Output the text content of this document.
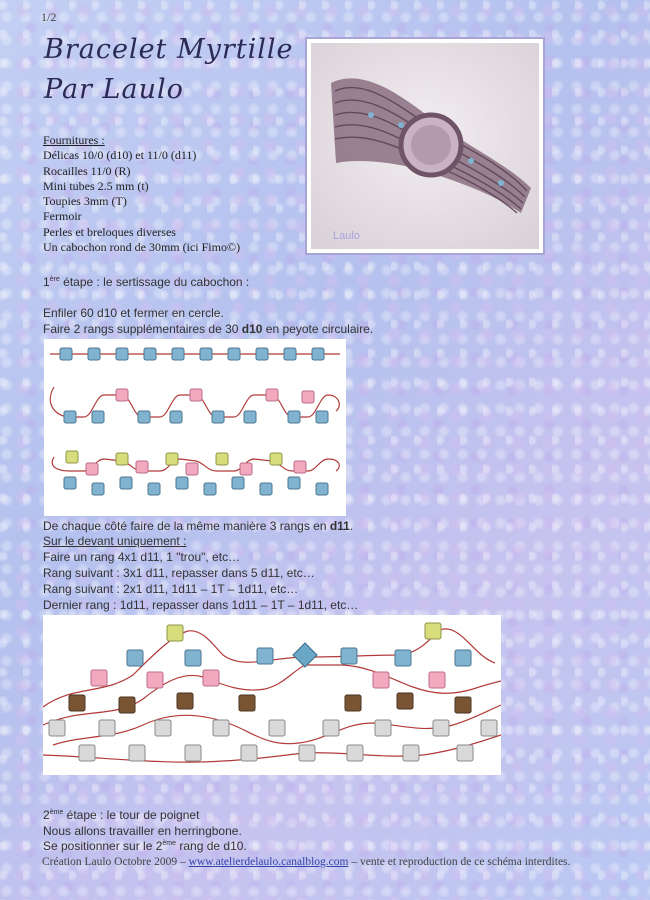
1/2
Bracelet Myrtille
Par Laulo
Laulo
Fournitures :
Délicas 10/0 (d10) et 11/0 (d11)
Rocailles 11/0 (R)
Mini tubes 2.5 mm (t)
Toupies 3mm (T)
Fermoir
Perles et breloques diverses
Un cabochon rond de 30mm (ici Fimo©)
1ère étape : le sertissage du cabochon :
Enfiler 60 d10 et fermer en cercle.
Faire 2 rangs supplémentaires de 30 d10 en peyote circulaire.
De chaque côté faire de la même manière 3 rangs en d11.
Sur le devant uniquement :
Faire un rang 4x1 d11, 1 "trou", etc…
Rang suivant : 3x1 d11, repasser dans 5 d11, etc…
Rang suivant : 2x1 d11, 1d11 – 1T – 1d11, etc…
Dernier rang : 1d11, repasser dans 1d11 – 1T – 1d11, etc…
2ème étape : le tour de poignet
Nous allons travailler en herringbone.
Se positionner sur le 2ème rang de d10.
Création Laulo Octobre 2009 – www.atelierdelaulo.canalblog.com – vente et reproduction de ce schéma interdites.
